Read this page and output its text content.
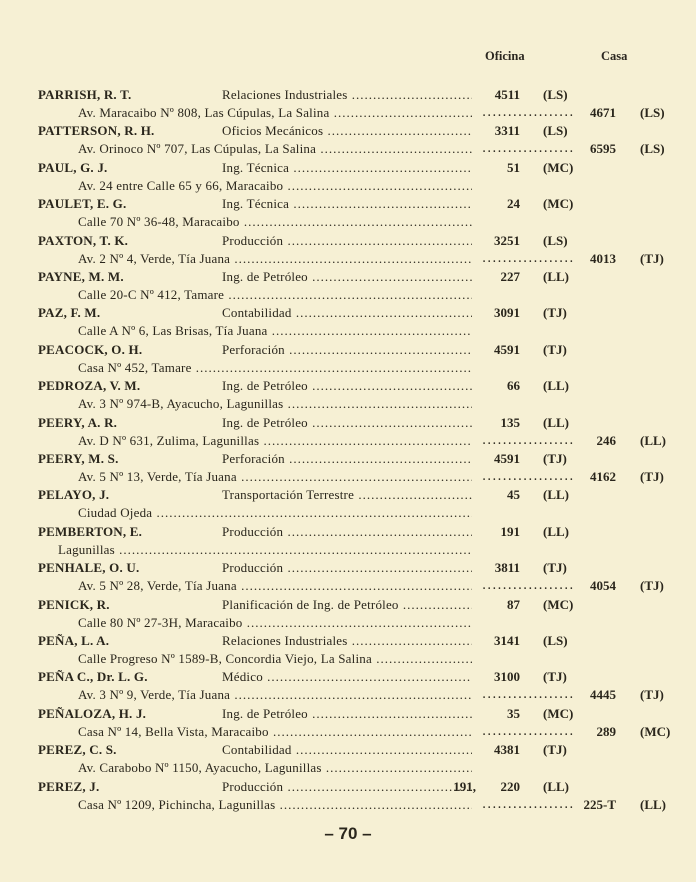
Oficina	Casa
PARRISH, R. T.	Relaciones Industriales .....	4511 (LS)
Av. Maracaibo Nº 808, Las Cúpulas, La Salina ..... .....	4671 (LS)
PATTERSON, R. H.	Oficios Mecánicos .....	3311 (LS)
Av. Orinoco Nº 707, Las Cúpulas, La Salina ..... .....	6595 (LS)
PAUL, G. J.	Ing. Técnica .....	51 (MC)
Av. 24 entre Calle 65 y 66, Maracaibo .....
PAULET, E. G.	Ing. Técnica .....	24 (MC)
Calle 70 Nº 36-48, Maracaibo .....
PAXTON, T. K.	Producción .....	3251 (LS)
Av. 2 Nº 4, Verde, Tía Juana ..... .....	4013 (TJ)
PAYNE, M. M.	Ing. de Petróleo .....	227 (LL)
Calle 20-C Nº 412, Tamare .....
PAZ, F. M.	Contabilidad .....	3091 (TJ)
Calle A Nº 6, Las Brisas, Tía Juana .....
PEACOCK, O. H.	Perforación .....	4591 (TJ)
Casa Nº 452, Tamare .....
PEDROZA, V. M.	Ing. de Petróleo .....	66 (LL)
Av. 3 Nº 974-B, Ayacucho, Lagunillas .....
PEERY, A. R.	Ing. de Petróleo .....	135 (LL)
Av. D Nº 631, Zulima, Lagunillas ..... .....	246 (LL)
PEERY, M. S.	Perforación .....	4591 (TJ)
Av. 5 Nº 13, Verde, Tía Juana ..... .....	4162 (TJ)
PELAYO, J.	Transportación Terrestre .....	45 (LL)
Ciudad Ojeda .....
PEMBERTON, E.	Producción .....	191 (LL)
Lagunillas .....
PENHALE, O. U.	Producción .....	3811 (TJ)
Av. 5 Nº 28, Verde, Tía Juana ..... .....	4054 (TJ)
PENICK, R.	Planificación de Ing. de Petróleo .....	87 (MC)
Calle 80 Nº 27-3H, Maracaibo .....
PEÑA, L. A.	Relaciones Industriales .....	3141 (LS)
Calle Progreso Nº 1589-B, Concordia Viejo, La Salina .....
PEÑA C., Dr. L. G.	Médico .....	3100 (TJ)
Av. 3 Nº 9, Verde, Tía Juana ..... .....	4445 (TJ)
PEÑALOZA, H. J.	Ing. de Petróleo .....	35 (MC)
Casa Nº 14, Bella Vista, Maracaibo ..... .....	289 (MC)
PEREZ, C. S.	Contabilidad .....	4381 (TJ)
Av. Carabobo Nº 1150, Ayacucho, Lagunillas .....
PEREZ, J.	Producción .....	191, 220 (LL)
Casa Nº 1209, Pichincha, Lagunillas ..... .....	225-T (LL)
– 70 –
